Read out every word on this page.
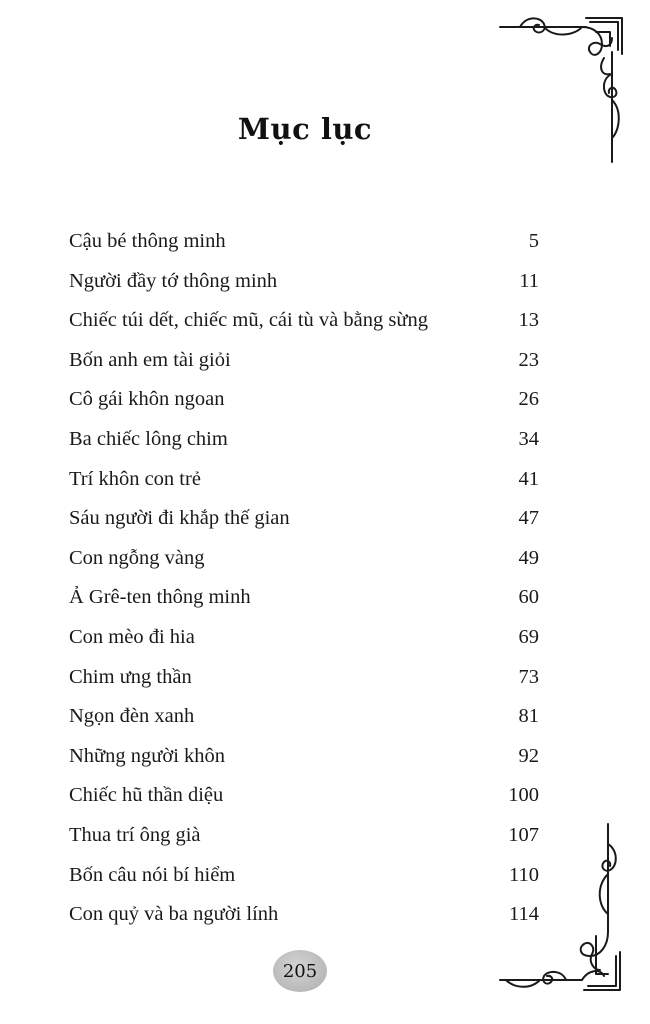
Mục lục
Cậu bé thông minh	5
Người đầy tớ thông minh	11
Chiếc túi dết, chiếc mũ, cái tù và bằng sừng	13
Bốn anh em tài giỏi	23
Cô gái khôn ngoan	26
Ba chiếc lông chim	34
Trí khôn con trẻ	41
Sáu người đi khắp thế gian	47
Con ngỗng vàng	49
Ả Grê-ten thông minh	60
Con mèo đi hia	69
Chim ưng thần	73
Ngọn đèn xanh	81
Những người khôn	92
Chiếc hũ thần diệu	100
Thua trí ông già	107
Bốn câu nói bí hiểm	110
Con quỷ và ba người lính	114
205
